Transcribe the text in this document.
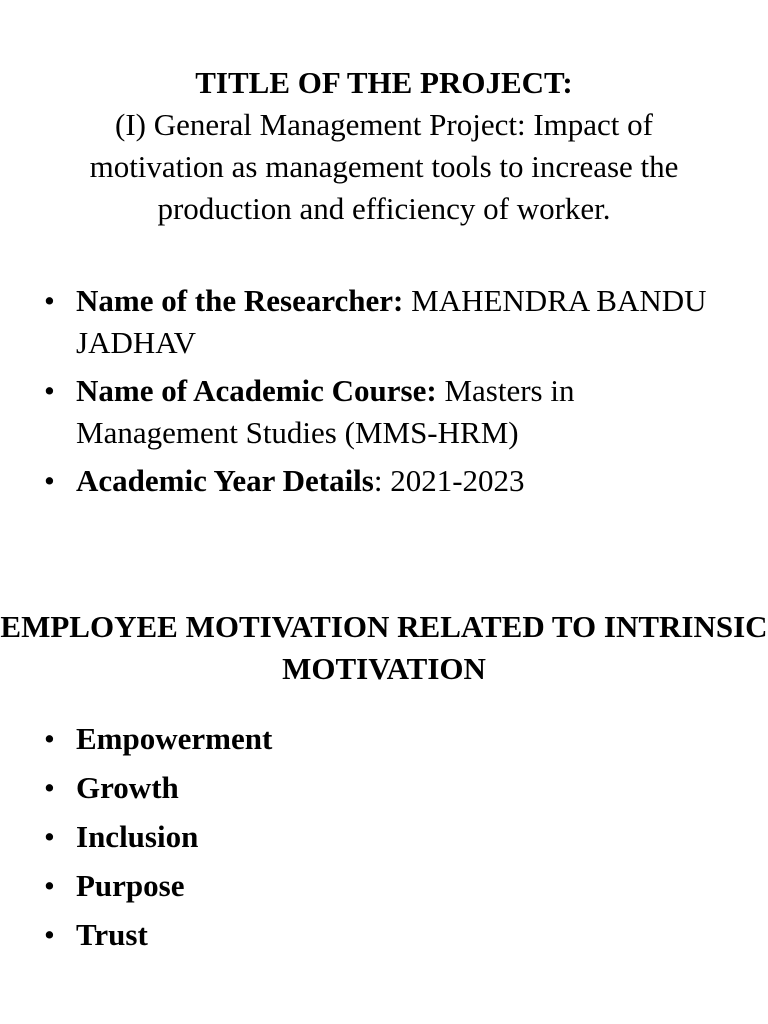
TITLE OF THE PROJECT:
(I) General Management Project: Impact of motivation as management tools to increase the production and efficiency of worker.
• Name of the Researcher: MAHENDRA BANDU JADHAV
• Name of Academic Course: Masters in Management Studies (MMS-HRM)
• Academic Year Details: 2021-2023
EMPLOYEE MOTIVATION RELATED TO INTRINSIC MOTIVATION
• Empowerment
• Growth
• Inclusion
• Purpose
• Trust
